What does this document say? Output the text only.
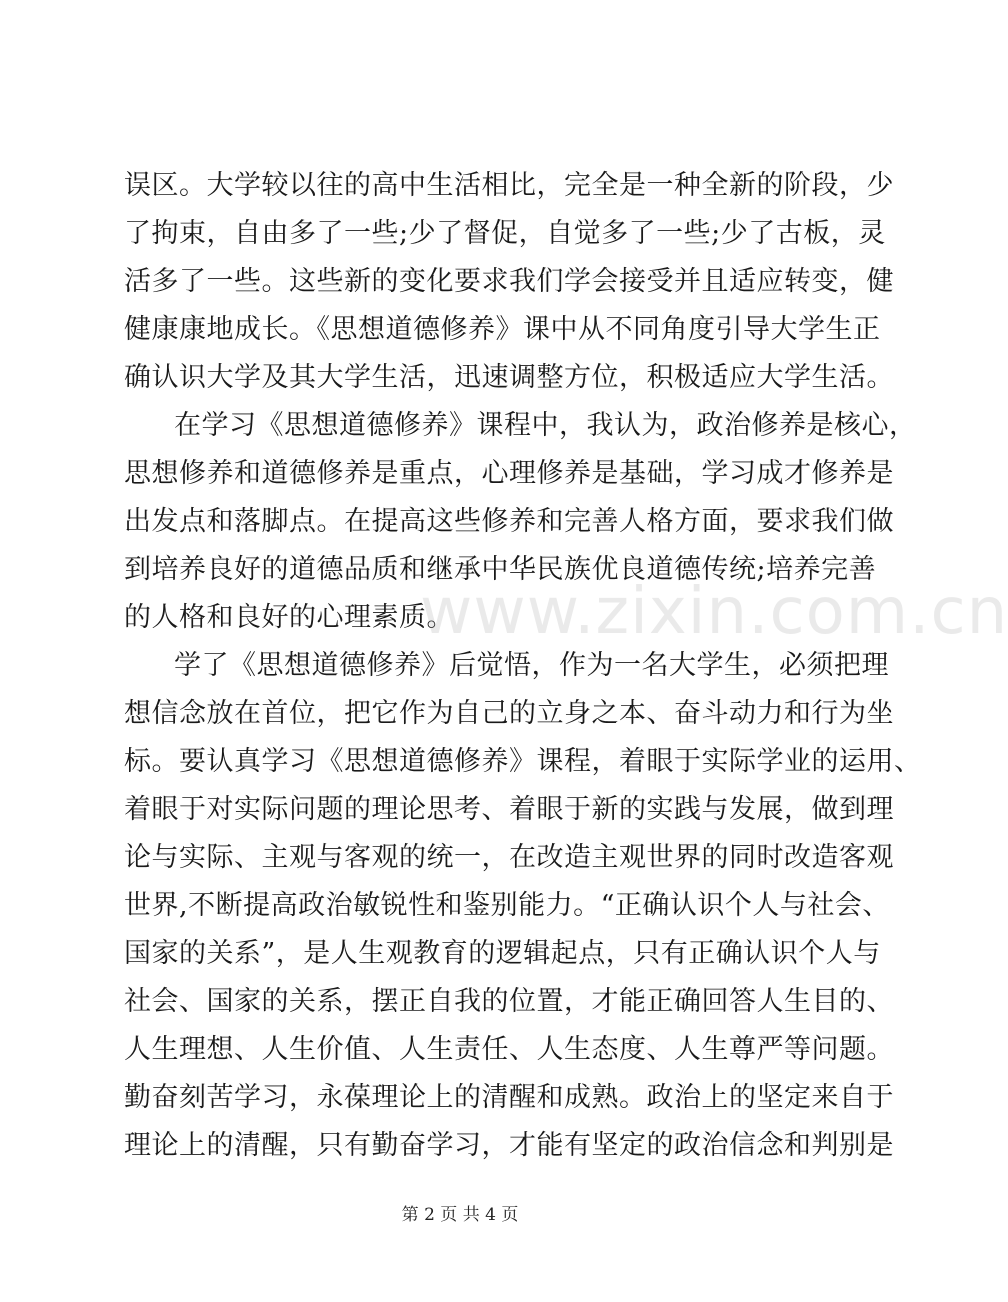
误区。大学较以往的高中生活相比，完全是一种全新的阶段，少
了拘束，自由多了一些;少了督促，自觉多了一些;少了古板，灵
活多了一些。这些新的变化要求我们学会接受并且适应转变，健
健康康地成长。《思想道德修养》课中从不同角度引导大学生正
确认识大学及其大学生活，迅速调整方位，积极适应大学生活。
在学习《思想道德修养》课程中，我认为，政治修养是核心，
思想修养和道德修养是重点，心理修养是基础，学习成才修养是
出发点和落脚点。在提高这些修养和完善人格方面，要求我们做
到培养良好的道德品质和继承中华民族优良道德传统;培养完善
的人格和良好的心理素质。
学了《思想道德修养》后觉悟，作为一名大学生，必须把理
想信念放在首位，把它作为自己的立身之本、奋斗动力和行为坐
标。要认真学习《思想道德修养》课程，着眼于实际学业的运用、
着眼于对实际问题的理论思考、着眼于新的实践与发展，做到理
论与实际、主观与客观的统一，在改造主观世界的同时改造客观
世界,不断提高政治敏锐性和鉴别能力。“正确认识个人与社会、
国家的关系”，是人生观教育的逻辑起点，只有正确认识个人与
社会、国家的关系，摆正自我的位置，才能正确回答人生目的、
人生理想、人生价值、人生责任、人生态度、人生尊严等问题。
勤奋刻苦学习，永葆理论上的清醒和成熟。政治上的坚定来自于
理论上的清醒，只有勤奋学习，才能有坚定的政治信念和判别是
www.zixin.com.cn
第 2 页 共 4 页
